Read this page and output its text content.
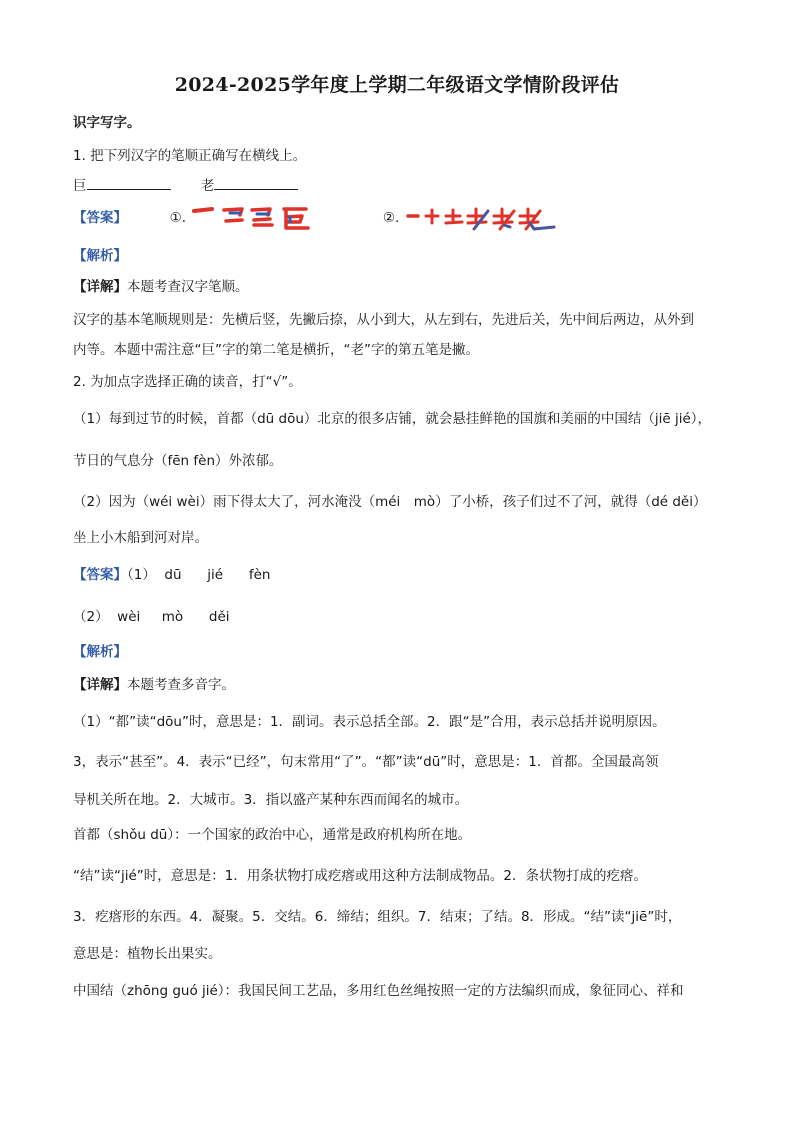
2024-2025学年度上学期二年级语文学情阶段评估
识字写字。
1. 把下列汉字的笔顺正确写在横线上。
巨	老
【答案】	①.	②.
【解析】
【详解】本题考查汉字笔顺。
汉字的基本笔顺规则是：先横后竖，先撇后捺，从小到大，从左到右，先进后关，先中间后两边，从外到
内等。本题中需注意“巨”字的第二笔是横折，“老”字的第五笔是撇。
2. 为加点字选择正确的读音，打“√”。
（1）每到过节的时候，首都（dū dōu）北京的很多店铺，就会悬挂鲜艳的国旗和美丽的中国结（jiē jié），
节日的气息分（fēn fèn）外浓郁。
（2）因为（wéi wèi）雨下得太大了，河水淹没（méi　mò）了小桥，孩子们过不了河，就得（dé děi）
坐上小木船到河对岸。
【答案】（1）  dū      jié      fèn
（2）  wèi     mò      děi
【解析】
【详解】本题考查多音字。
（1）“都”读“dōu”时，意思是：1．副词。表示总括全部。2．跟“是”合用，表示总括并说明原因。
3，表示“甚至”。4．表示“已经”，句末常用“了”。“都”读“dū”时，意思是：1．首都。全国最高领
导机关所在地。2．大城市。3．指以盛产某种东西而闻名的城市。
首都（shǒu dū）：一个国家的政治中心，通常是政府机构所在地。
“结”读“jié”时，意思是：1．用条状物打成疙瘩或用这种方法制成物品。2．条状物打成的疙瘩。
3．疙瘩形的东西。4．凝聚。5．交结。6．缔结；组织。7．结束；了结。8．形成。“结”读“jiē”时，
意思是：植物长出果实。
中国结（zhōng guó jié）：我国民间工艺品，多用红色丝绳按照一定的方法编织而成，象征同心、祥和
